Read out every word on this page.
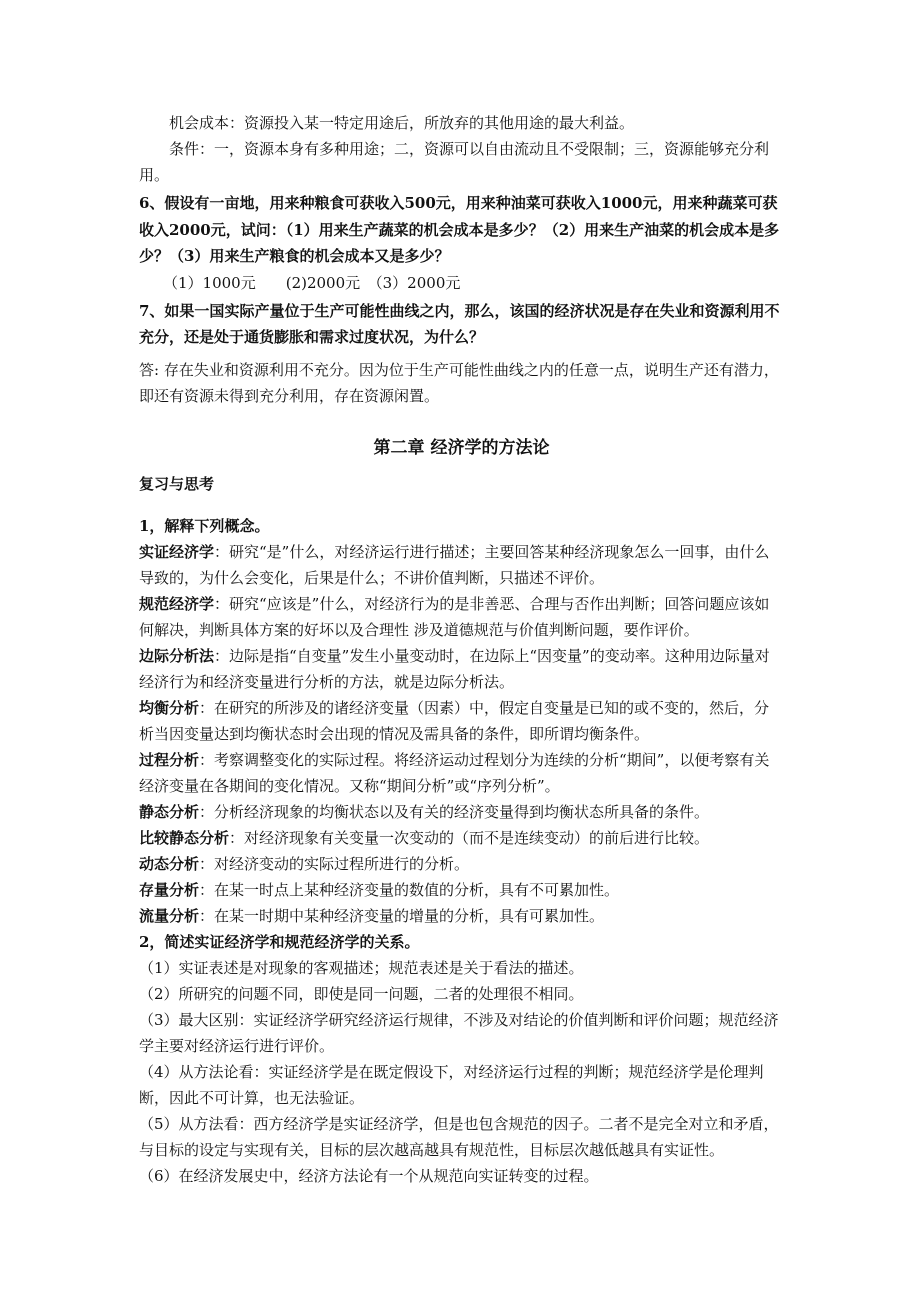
机会成本：资源投入某一特定用途后，所放弃的其他用途的最大利益。

条件：一，资源本身有多种用途；二，资源可以自由流动且不受限制；三，资源能够充分利用。

6、假设有一亩地，用来种粮食可获收入500元，用来种油菜可获收入1000元，用来种蔬菜可获收入2000元，试问：（1）用来生产蔬菜的机会成本是多少？（2）用来生产油菜的机会成本是多少？（3）用来生产粮食的机会成本又是多少？

（1）1000元　　(2)2000元　（3）2000元

7、如果一国实际产量位于生产可能性曲线之内，那么，该国的经济状况是存在失业和资源利用不充分，还是处于通货膨胀和需求过度状况，为什么？

答: 存在失业和资源利用不充分。因为位于生产可能性曲线之内的任意一点，说明生产还有潜力，即还有资源未得到充分利用，存在资源闲置。

第二章 经济学的方法论

复习与思考

1，解释下列概念。

实证经济学：研究“是”什么，对经济运行进行描述；主要回答某种经济现象怎么一回事，由什么导致的，为什么会变化，后果是什么；不讲价值判断，只描述不评价。

规范经济学：研究“应该是”什么，对经济行为的是非善恶、合理与否作出判断；回答问题应该如何解决，判断具体方案的好坏以及合理性 涉及道德规范与价值判断问题，要作评价。

边际分析法：边际是指“自变量”发生小量变动时，在边际上“因变量”的变动率。这种用边际量对经济行为和经济变量进行分析的方法，就是边际分析法。

均衡分析：在研究的所涉及的诸经济变量（因素）中，假定自变量是已知的或不变的，然后，分析当因变量达到均衡状态时会出现的情况及需具备的条件，即所谓均衡条件。

过程分析：考察调整变化的实际过程。将经济运动过程划分为连续的分析“期间”，以便考察有关经济变量在各期间的变化情况。又称“期间分析”或“序列分析”。

静态分析：分析经济现象的均衡状态以及有关的经济变量得到均衡状态所具备的条件。

比较静态分析：对经济现象有关变量一次变动的（而不是连续变动）的前后进行比较。

动态分析：对经济变动的实际过程所进行的分析。

存量分析：在某一时点上某种经济变量的数值的分析，具有不可累加性。

流量分析：在某一时期中某种经济变量的增量的分析，具有可累加性。

2，简述实证经济学和规范经济学的关系。

（1）实证表述是对现象的客观描述；规范表述是关于看法的描述。

（2）所研究的问题不同，即使是同一问题，二者的处理很不相同。

（3）最大区别：实证经济学研究经济运行规律，不涉及对结论的价值判断和评价问题；规范经济学主要对经济运行进行评价。

（4）从方法论看：实证经济学是在既定假设下，对经济运行过程的判断；规范经济学是伦理判断，因此不可计算，也无法验证。

（5）从方法看：西方经济学是实证经济学，但是也包含规范的因子。二者不是完全对立和矛盾，与目标的设定与实现有关，目标的层次越高越具有规范性，目标层次越低越具有实证性。

（6）在经济发展史中，经济方法论有一个从规范向实证转变的过程。
